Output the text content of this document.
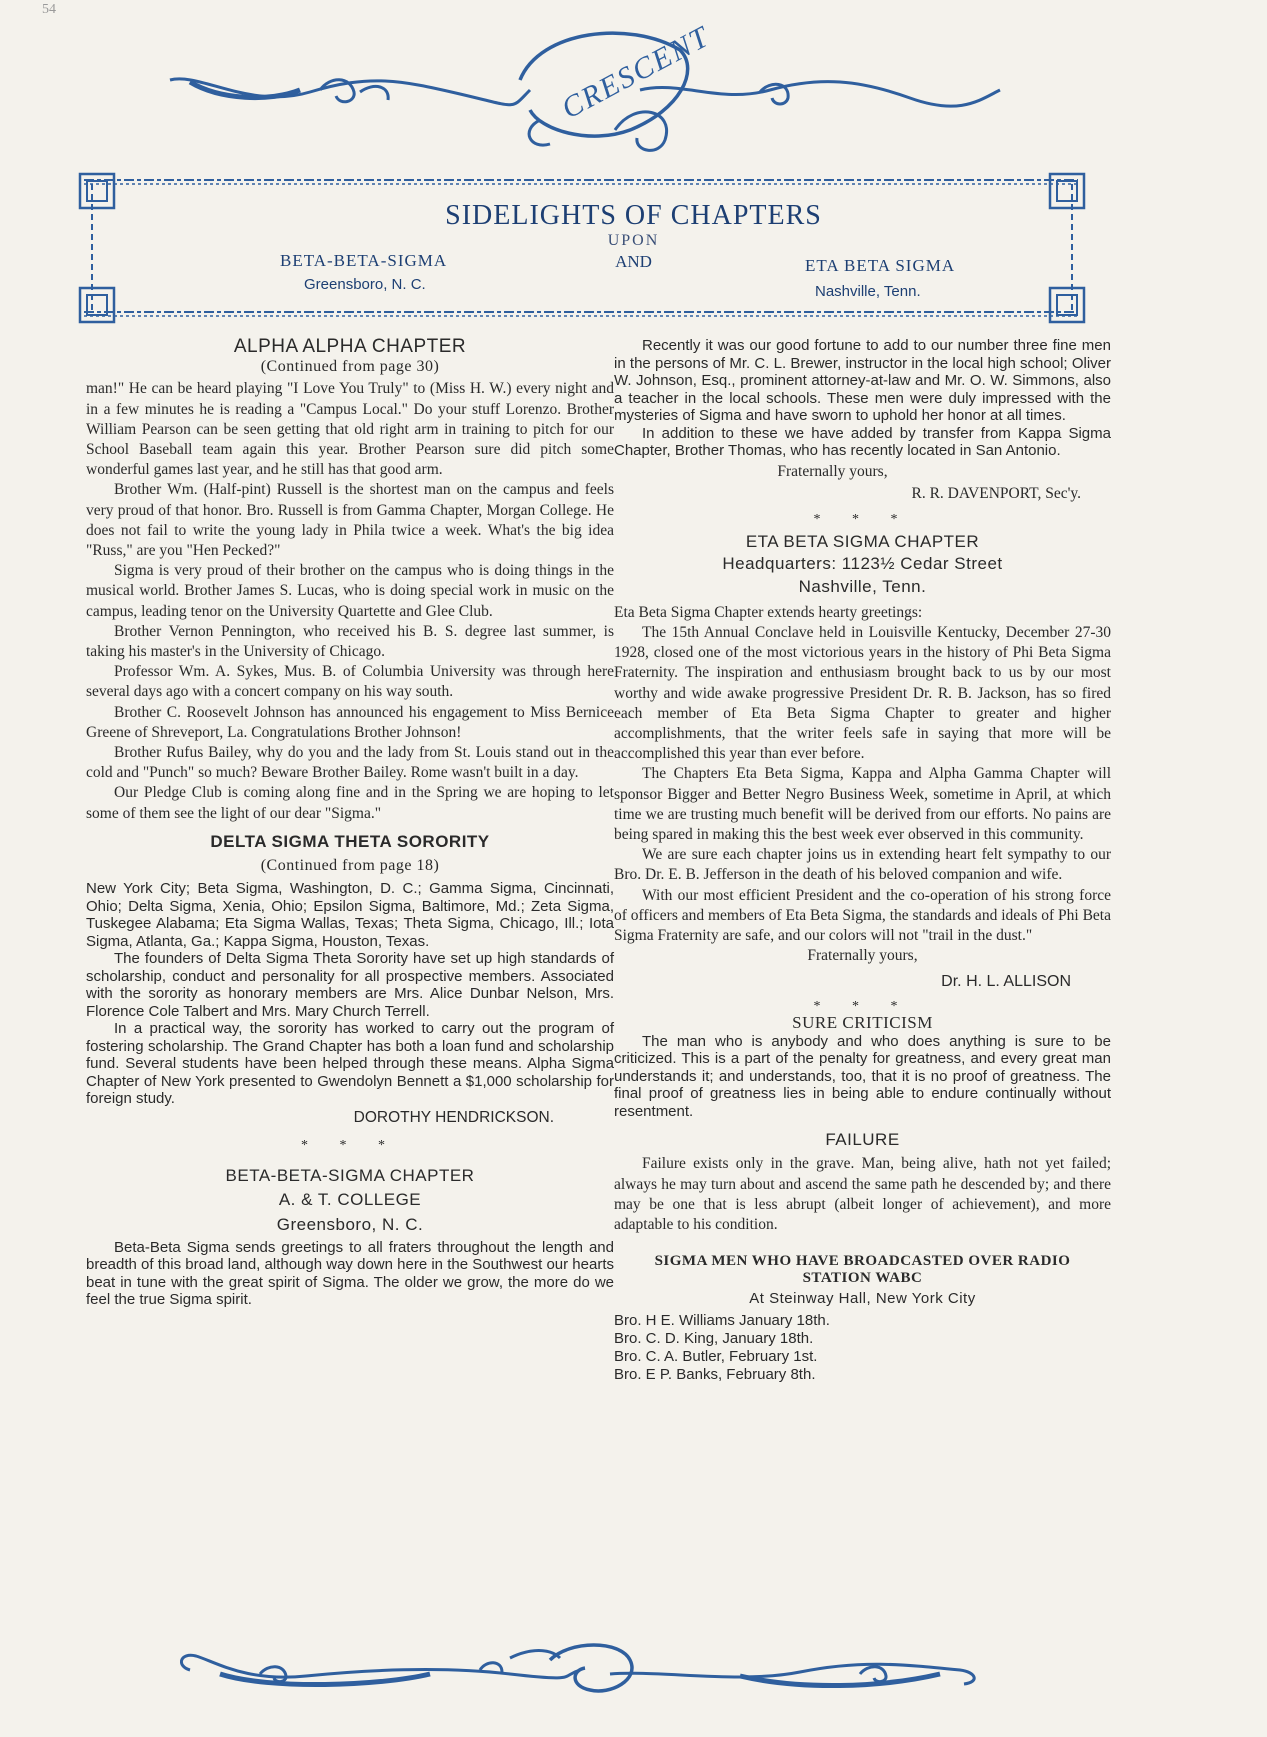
54
CRESCENT
SIDELIGHTS OF CHAPTERS
UPON
AND
BETA-BETA-SIGMA
Greensboro, N. C.
ETA BETA SIGMA
Nashville, Tenn.
ALPHA ALPHA CHAPTER
(Continued from page 30)

man!" He can be heard playing "I Love You Truly" to (Miss H. W.) every night and in a few minutes he is reading a "Campus Local." Do your stuff Lorenzo. Brother William Pearson can be seen getting that old right arm in training to pitch for our School Baseball team again this year. Brother Pearson sure did pitch some wonderful games last year, and he still has that good arm.

Brother Wm. (Half-pint) Russell is the shortest man on the campus and feels very proud of that honor. Bro. Russell is from Gamma Chapter, Morgan College. He does not fail to write the young lady in Phila twice a week. What's the big idea "Russ," are you "Hen Pecked?"

Sigma is very proud of their brother on the campus who is doing things in the musical world. Brother James S. Lucas, who is doing special work in music on the campus, leading tenor on the University Quartette and Glee Club.

Brother Vernon Pennington, who received his B. S. degree last summer, is taking his master's in the University of Chicago.

Professor Wm. A. Sykes, Mus. B. of Columbia University was through here several days ago with a concert company on his way south.

Brother C. Roosevelt Johnson has announced his engagement to Miss Bernice Greene of Shreveport, La. Congratulations Brother Johnson!

Brother Rufus Bailey, why do you and the lady from St. Louis stand out in the cold and "Punch" so much? Beware Brother Bailey. Rome wasn't built in a day.

Our Pledge Club is coming along fine and in the Spring we are hoping to let some of them see the light of our dear "Sigma."

DELTA SIGMA THETA SORORITY
(Continued from page 18)

New York City; Beta Sigma, Washington, D. C.; Gamma Sigma, Cincinnati, Ohio; Delta Sigma, Xenia, Ohio; Epsilon Sigma, Baltimore, Md.; Zeta Sigma, Tuskegee Alabama; Eta Sigma Wallas, Texas; Theta Sigma, Chicago, Ill.; Iota Sigma, Atlanta, Ga.; Kappa Sigma, Houston, Texas.

The founders of Delta Sigma Theta Sorority have set up high standards of scholarship, conduct and personality for all prospective members. Associated with the sorority as honorary members are Mrs. Alice Dunbar Nelson, Mrs. Florence Cole Talbert and Mrs. Mary Church Terrell.

In a practical way, the sorority has worked to carry out the program of fostering scholarship. The Grand Chapter has both a loan fund and scholarship fund. Several students have been helped through these means. Alpha Sigma Chapter of New York presented to Gwendolyn Bennett a $1,000 scholarship for foreign study.

DOROTHY HENDRICKSON.
* * *
BETA-BETA-SIGMA CHAPTER
A. & T. COLLEGE
Greensboro, N. C.

Beta-Beta Sigma sends greetings to all fraters throughout the length and breadth of this broad land, although way down here in the Southwest our hearts beat in tune with the great spirit of Sigma. The older we grow, the more do we feel the true Sigma spirit.

Recently it was our good fortune to add to our number three fine men in the persons of Mr. C. L. Brewer, instructor in the local high school; Oliver W. Johnson, Esq., prominent attorney-at-law and Mr. O. W. Simmons, also a teacher in the local schools. These men were duly impressed with the mysteries of Sigma and have sworn to uphold her honor at all times.

In addition to these we have added by transfer from Kappa Sigma Chapter, Brother Thomas, who has recently located in San Antonio.

Fraternally yours,
R. R. DAVENPORT, Sec'y.
* * *
ETA BETA SIGMA CHAPTER
Headquarters: 1123½ Cedar Street
Nashville, Tenn.

Eta Beta Sigma Chapter extends hearty greetings:

The 15th Annual Conclave held in Louisville Kentucky, December 27-30 1928, closed one of the most victorious years in the history of Phi Beta Sigma Fraternity. The inspiration and enthusiasm brought back to us by our most worthy and wide awake progressive President Dr. R. B. Jackson, has so fired each member of Eta Beta Sigma Chapter to greater and higher accomplishments, that the writer feels safe in saying that more will be accomplished this year than ever before.

The Chapters Eta Beta Sigma, Kappa and Alpha Gamma Chapter will sponsor Bigger and Better Negro Business Week, sometime in April, at which time we are trusting much benefit will be derived from our efforts. No pains are being spared in making this the best week ever observed in this community.

We are sure each chapter joins us in extending heart felt sympathy to our Bro. Dr. E. B. Jefferson in the death of his beloved companion and wife.

With our most efficient President and the co-operation of his strong force of officers and members of Eta Beta Sigma, the standards and ideals of Phi Beta Sigma Fraternity are safe, and our colors will not "trail in the dust."

Fraternally yours,
Dr. H. L. ALLISON
* * *
SURE CRITICISM

The man who is anybody and who does anything is sure to be criticized. This is a part of the penalty for greatness, and every great man understands it; and understands, too, that it is no proof of greatness. The final proof of greatness lies in being able to endure continually without resentment.

FAILURE

Failure exists only in the grave. Man, being alive, hath not yet failed; always he may turn about and ascend the same path he descended by; and there may be one that is less abrupt (albeit longer of achievement), and more adaptable to his condition.

SIGMA MEN WHO HAVE BROADCASTED OVER RADIO STATION WABC
At Steinway Hall, New York City
Bro. H E. Williams January 18th.
Bro. C. D. King, January 18th.
Bro. C. A. Butler, February 1st.
Bro. E P. Banks, February 8th.
